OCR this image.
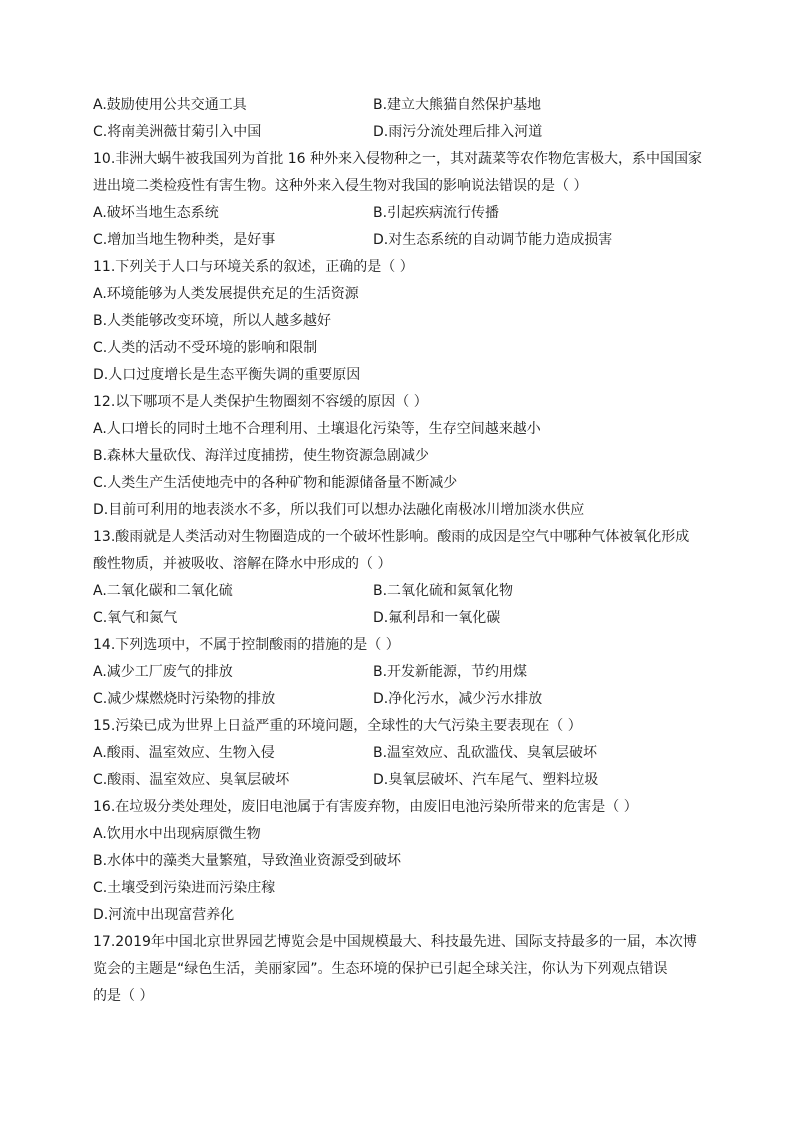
A.鼓励使用公共交通工具	B.建立大熊猫自然保护基地
C.将南美洲薇甘菊引入中国	D.雨污分流处理后排入河道
10.非洲大蜗牛被我国列为首批 16 种外来入侵物种之一，其对蔬菜等农作物危害极大，系中国国家
进出境二类检疫性有害生物。这种外来入侵生物对我国的影响说法错误的是（ ）
A.破坏当地生态系统	B.引起疾病流行传播
C.增加当地生物种类，是好事	D.对生态系统的自动调节能力造成损害
11.下列关于人口与环境关系的叙述，正确的是（ ）
A.环境能够为人类发展提供充足的生活资源
B.人类能够改变环境，所以人越多越好
C.人类的活动不受环境的影响和限制
D.人口过度增长是生态平衡失调的重要原因
12.以下哪项不是人类保护生物圈刻不容缓的原因（ ）
A.人口增长的同时土地不合理利用、土壤退化污染等，生存空间越来越小
B.森林大量砍伐、海洋过度捕捞，使生物资源急剧减少
C.人类生产生活使地壳中的各种矿物和能源储备量不断减少
D.目前可利用的地表淡水不多，所以我们可以想办法融化南极冰川增加淡水供应
13.酸雨就是人类活动对生物圈造成的一个破坏性影响。酸雨的成因是空气中哪种气体被氧化形成
酸性物质，并被吸收、溶解在降水中形成的（ ）
A.二氧化碳和二氧化硫	B.二氧化硫和氮氧化物
C.氧气和氮气	D.氟利昂和一氧化碳
14.下列选项中，不属于控制酸雨的措施的是（ ）
A.减少工厂废气的排放	B.开发新能源，节约用煤
C.减少煤燃烧时污染物的排放	D.净化污水，减少污水排放
15.污染已成为世界上日益严重的环境问题，全球性的大气污染主要表现在（ ）
A.酸雨、温室效应、生物入侵	B.温室效应、乱砍滥伐、臭氧层破坏
C.酸雨、温室效应、臭氧层破坏	D.臭氧层破坏、汽车尾气、塑料垃圾
16.在垃圾分类处理处，废旧电池属于有害废弃物，由废旧电池污染所带来的危害是（ ）
A.饮用水中出现病原微生物
B.水体中的藻类大量繁殖，导致渔业资源受到破坏
C.土壤受到污染进而污染庄稼
D.河流中出现富营养化
17.2019年中国北京世界园艺博览会是中国规模最大、科技最先进、国际支持最多的一届，本次博
览会的主题是“绿色生活，美丽家园”。生态环境的保护已引起全球关注，你认为下列观点错误
的是（ ）
